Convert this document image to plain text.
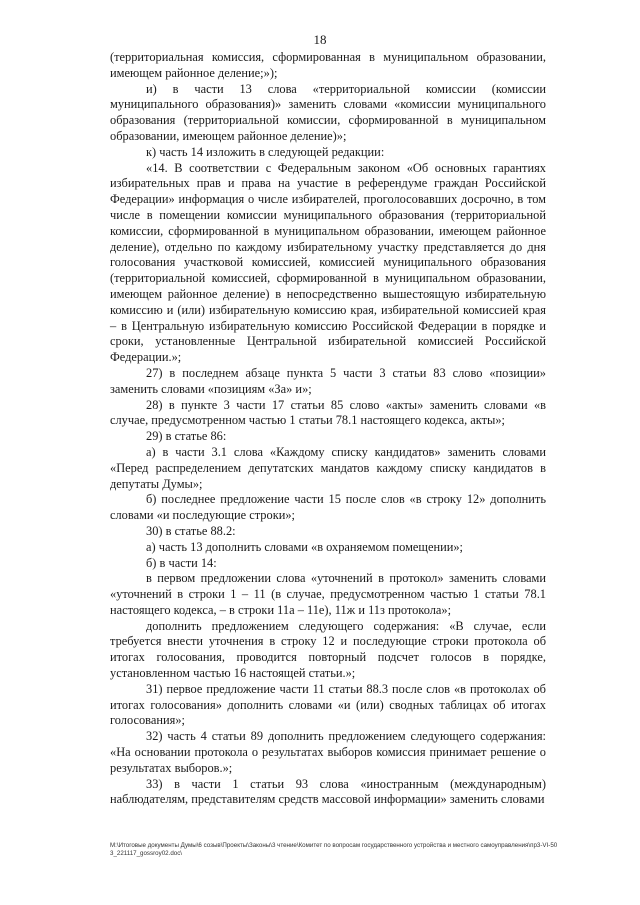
18

(территориальная комиссия, сформированная в муниципальном образовании, имеющем районное деление;»);

и) в части 13 слова «территориальной комиссии (комиссии муниципального образования)» заменить словами «комиссии муниципального образования (территориальной комиссии, сформированной в муниципальном образовании, имеющем районное деление)»;

к) часть 14 изложить в следующей редакции:

«14. В соответствии с Федеральным законом «Об основных гарантиях избирательных прав и права на участие в референдуме граждан Российской Федерации» информация о числе избирателей, проголосовавших досрочно, в том числе в помещении комиссии муниципального образования (территориальной комиссии, сформированной в муниципальном образовании, имеющем районное деление), отдельно по каждому избирательному участку представляется до дня голосования участковой комиссией, комиссией муниципального образования (территориальной комиссией, сформированной в муниципальном образовании, имеющем районное деление) в непосредственно вышестоящую избирательную комиссию и (или) избирательную комиссию края, избирательной комиссией края – в Центральную избирательную комиссию Российской Федерации в порядке и сроки, установленные Центральной избирательной комиссией Российской Федерации.»;

27) в последнем абзаце пункта 5 части 3 статьи 83 слово «позиции» заменить словами «позициям «За» и»;

28) в пункте 3 части 17 статьи 85 слово «акты» заменить словами «в случае, предусмотренном частью 1 статьи 78.1 настоящего кодекса, акты»;

29) в статье 86:

а) в части 3.1 слова «Каждому списку кандидатов» заменить словами «Перед распределением депутатских мандатов каждому списку кандидатов в депутаты Думы»;

б) последнее предложение части 15 после слов «в строку 12» дополнить словами «и последующие строки»;

30) в статье 88.2:

а) часть 13 дополнить словами «в охраняемом помещении»;

б) в части 14:

в первом предложении слова «уточнений в протокол» заменить словами «уточнений в строки 1 – 11 (в случае, предусмотренном частью 1 статьи 78.1 настоящего кодекса, – в строки 11а – 11е), 11ж и 11з протокола»;

дополнить предложением следующего содержания: «В случае, если требуется внести уточнения в строку 12 и последующие строки протокола об итогах голосования, проводится повторный подсчет голосов в порядке, установленном частью 16 настоящей статьи.»;

31) первое предложение части 11 статьи 88.3 после слов «в протоколах об итогах голосования» дополнить словами «и (или) сводных таблицах об итогах голосования»;

32) часть 4 статьи 89 дополнить предложением следующего содержания: «На основании протокола о результатах выборов комиссия принимает решение о результатах выборов.»;

33) в части 1 статьи 93 слова «иностранным (международным) наблюдателям, представителям средств массовой информации» заменить словами

М:\Итоговые документы Думы\6 созыв\Проекты\Законы\3 чтение\Комитет по вопросам государственного устройства и местного самоуправления\пр3-VI-503_221117_gossroy02.doc\
